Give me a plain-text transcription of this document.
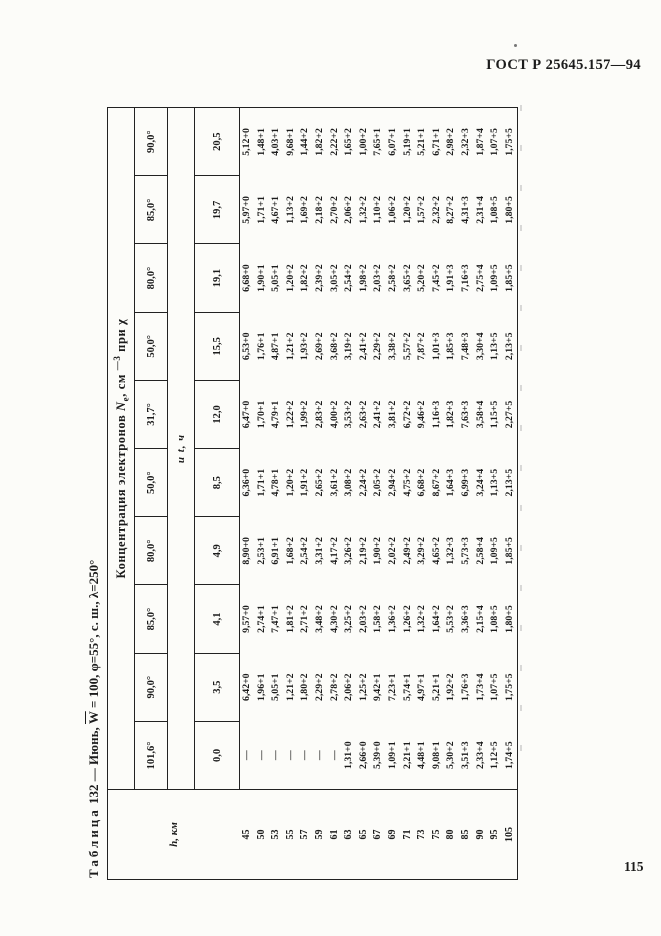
ГОСТ Р 25645.157—94
Таблица 132 — Июнь, $\overline{W} = 100$, φ=55°, с. ш., λ=250°
h, км	Концентрация электронов $N_e$, см $^{—3}$ при χ									
	101,6°	90,0°	85,0°	80,0°	50,0°	31,7°	50,0°	80,0°	85,0°	90,0°
	и t, ч									
	0,0	3,5	4,1	4,9	8,5	12,0	15,5	19,1	19,7	20,5
45	—	6,42+0	9,57+0	8,90+0	6,36+0	6,47+0	6,53+0	6,68+0	5,97+0	5,12+0
50	—	1,96+1	2,74+1	2,53+1	1,71+1	1,70+1	1,76+1	1,90+1	1,71+1	1,48+1
53	—	5,05+1	7,47+1	6,91+1	4,78+1	4,79+1	4,87+1	5,05+1	4,67+1	4,03+1
55	—	1,21+2	1,81+2	1,68+2	1,20+2	1,22+2	1,21+2	1,20+2	1,13+2	9,68+1
57	—	1,80+2	2,71+2	2,54+2	1,91+2	1,99+2	1,93+2	1,82+2	1,69+2	1,44+2
59	—	2,29+2	3,48+2	3,31+2	2,65+2	2,83+2	2,69+2	2,39+2	2,18+2	1,82+2
61	—	2,78+2	4,30+2	4,17+2	3,61+2	4,00+2	3,68+2	3,05+2	2,70+2	2,22+2
63	1,31+0	2,06+2	3,25+2	3,26+2	3,08+2	3,53+2	3,19+2	2,54+2	2,06+2	1,65+2
65	2,66+0	1,25+2	2,03+2	2,19+2	2,24+2	2,63+2	2,41+2	1,98+2	1,32+2	1,00+2
67	5,39+0	9,42+1	1,58+2	1,90+2	2,05+2	2,41+2	2,29+2	2,03+2	1,10+2	7,65+1
69	1,09+1	7,23+1	1,36+2	2,02+2	2,94+2	3,81+2	3,38+2	2,58+2	1,06+2	6,07+1
71	2,21+1	5,74+1	1,26+2	2,49+2	4,75+2	6,72+2	5,57+2	3,65+2	1,20+2	5,19+1
73	4,48+1	4,97+1	1,32+2	3,29+2	6,68+2	9,46+2	7,87+2	5,20+2	1,57+2	5,21+1
75	9,08+1	5,21+1	1,64+2	4,65+2	8,67+2	1,16+3	1,01+3	7,45+2	2,32+2	6,71+1
80	5,30+2	1,92+2	5,53+2	1,32+3	1,64+3	1,82+3	1,85+3	1,91+3	8,27+2	2,98+2
85	3,51+3	1,76+3	3,36+3	5,73+3	6,99+3	7,63+3	7,48+3	7,16+3	4,31+3	2,32+3
90	2,33+4	1,73+4	2,15+4	2,58+4	3,24+4	3,58+4	3,30+4	2,75+4	2,31+4	1,87+4
95	1,12+5	1,07+5	1,08+5	1,09+5	1,13+5	1,15+5	1,13+5	1,09+5	1,08+5	1,07+5
105	1,74+5	1,75+5	1,80+5	1,85+5	2,13+5	2,27+5	2,13+5	1,85+5	1,80+5	1,75+5
115
